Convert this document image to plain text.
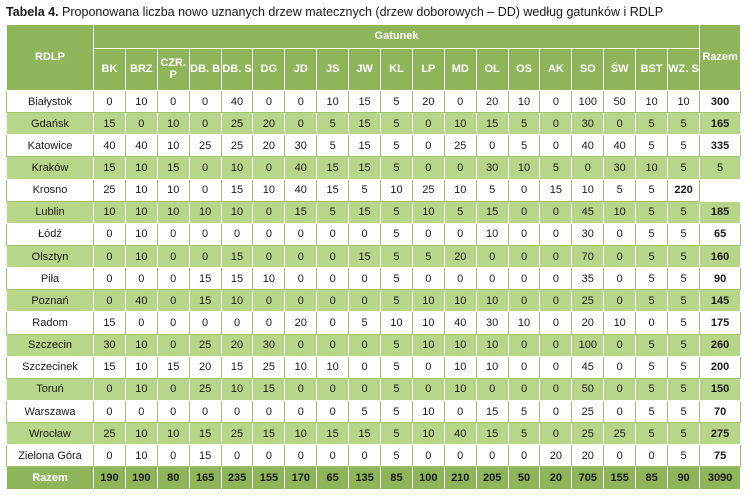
Tabela 4. Proponowana liczba nowo uznanych drzew matecznych (drzew doborowych – DD) według gatunków i RDLP
RDLP	Gatunek																			Razem	
	BK	BRZ	CZR. P	DB. B	DB. S	DG	JD	JS	JW	KL	LP	MD	OL	OS	AK	SO	ŚW	BST	WZ. S		
Białystok	0	10	0	0	40	0	0	10	15	5	20	0	20	10	0	100	50	10	10	300	
Gdańsk	15	0	10	0	25	20	0	5	15	5	0	10	15	5	0	30	0	5	5	165	
Katowice	40	40	10	25	25	20	30	5	15	5	0	25	0	5	0	40	40	5	5	335	
Kraków	15	10	15	0	10	0	40	15	15	5	0	0	30	10	5	0	30	10	5	5	
Krosno	25	10	10	0	15	10	40	15	5	10	25	10	5	0	15	10	5	5	220		
Lublin	10	10	10	10	10	0	15	5	15	5	10	5	15	0	0	45	10	5	5	185	
Łódź	0	10	0	0	0	0	0	0	0	5	0	0	10	0	0	30	0	5	5	65	
Olsztyn	0	10	0	0	15	0	0	0	15	5	5	20	0	0	0	70	0	5	5	160	
Piła	0	0	0	15	15	10	0	0	0	5	0	0	0	0	0	35	0	5	5	90	
Poznań	0	40	0	15	10	0	0	0	0	5	10	10	10	0	0	25	0	5	5	145	
Radom	15	0	0	0	0	0	20	0	5	10	10	40	30	10	0	20	10	0	5	175	
Szczecin	30	10	0	25	20	30	0	0	0	5	10	10	10	0	0	100	0	5	5	260	
Szczecinek	15	10	15	20	15	25	10	10	0	5	0	10	10	0	0	45	0	5	5	200	
Toruń	0	10	0	25	10	15	0	0	0	5	0	10	0	0	0	50	0	5	5	150	
Warszawa	0	0	0	0	0	0	0	0	5	5	10	0	15	5	0	25	0	5	5	70	
Wrocław	25	10	10	15	25	15	10	15	15	5	10	40	15	5	0	25	25	5	5	275	
Zielona Góra	0	10	0	15	0	0	0	0	0	5	0	0	0	0	20	20	0	0	5	75	
Razem	190	190	80	165	235	155	170	65	135	85	100	210	205	50	20	705	155	85	90	3090	
